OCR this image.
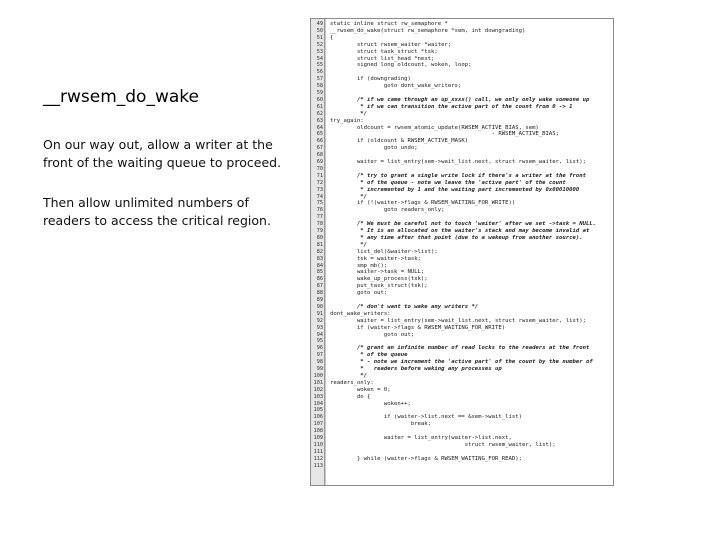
__rwsem_do_wake

On our way out, allow a writer at the front of the waiting queue to proceed.

Then allow unlimited numbers of readers to access the critical region.

49 static inline struct rw_semaphore *
50 __rwsem_do_wake(struct rw_semaphore *sem, int downgrading)
51 {
52 struct rwsem_waiter *waiter;
53 struct task_struct *tsk;
54 struct list_head *next;
55 signed long oldcount, woken, loop;
56
57 if (downgrading)
58 goto dont_wake_writers;
59
60 /* if we came through an up_xxxx() call, we only only wake someone up
61 * if we can transition the active part of the count from 0 -> 1
62 */
63 try_again:
64 oldcount = rwsem_atomic_update(RWSEM_ACTIVE_BIAS, sem)
65 - RWSEM_ACTIVE_BIAS;
66 if (oldcount & RWSEM_ACTIVE_MASK)
67 goto undo;
68
69 waiter = list_entry(sem->wait_list.next, struct rwsem_waiter, list);
70
71 /* try to grant a single write lock if there's a writer at the front
72 * of the queue - note we leave the 'active part' of the count
73 * incremented by 1 and the waiting part incremented by 0x00010000
74 */
75 if (!(waiter->flags & RWSEM_WAITING_FOR_WRITE))
76 goto readers_only;
77
78 /* We must be careful not to touch 'waiter' after we set ->task = NULL.
79 * It is an allocated on the waiter's stack and may become invalid at
80 * any time after that point (due to a wakeup from another source).
81 */
82 list_del(&waiter->list);
83 tsk = waiter->task;
84 smp_mb();
85 waiter->task = NULL;
86 wake_up_process(tsk);
87 put_task_struct(tsk);
88 goto out;
89
90 /* don't want to wake any writers */
91 dont_wake_writers:
92 waiter = list_entry(sem->wait_list.next, struct rwsem_waiter, list);
93 if (waiter->flags & RWSEM_WAITING_FOR_WRITE)
94 goto out;
95
96 /* grant an infinite number of read locks to the readers at the front
97 * of the queue
98 * - note we increment the 'active part' of the count by the number of
99 *   readers before waking any processes up
100 */
101 readers_only:
102 woken = 0;
103 do {
104 woken++;
105
106 if (waiter->list.next == &sem->wait_list)
107 break;
108
109 waiter = list_entry(waiter->list.next,
110 struct rwsem_waiter, list);
111
112 } while (waiter->flags & RWSEM_WAITING_FOR_READ);
113
